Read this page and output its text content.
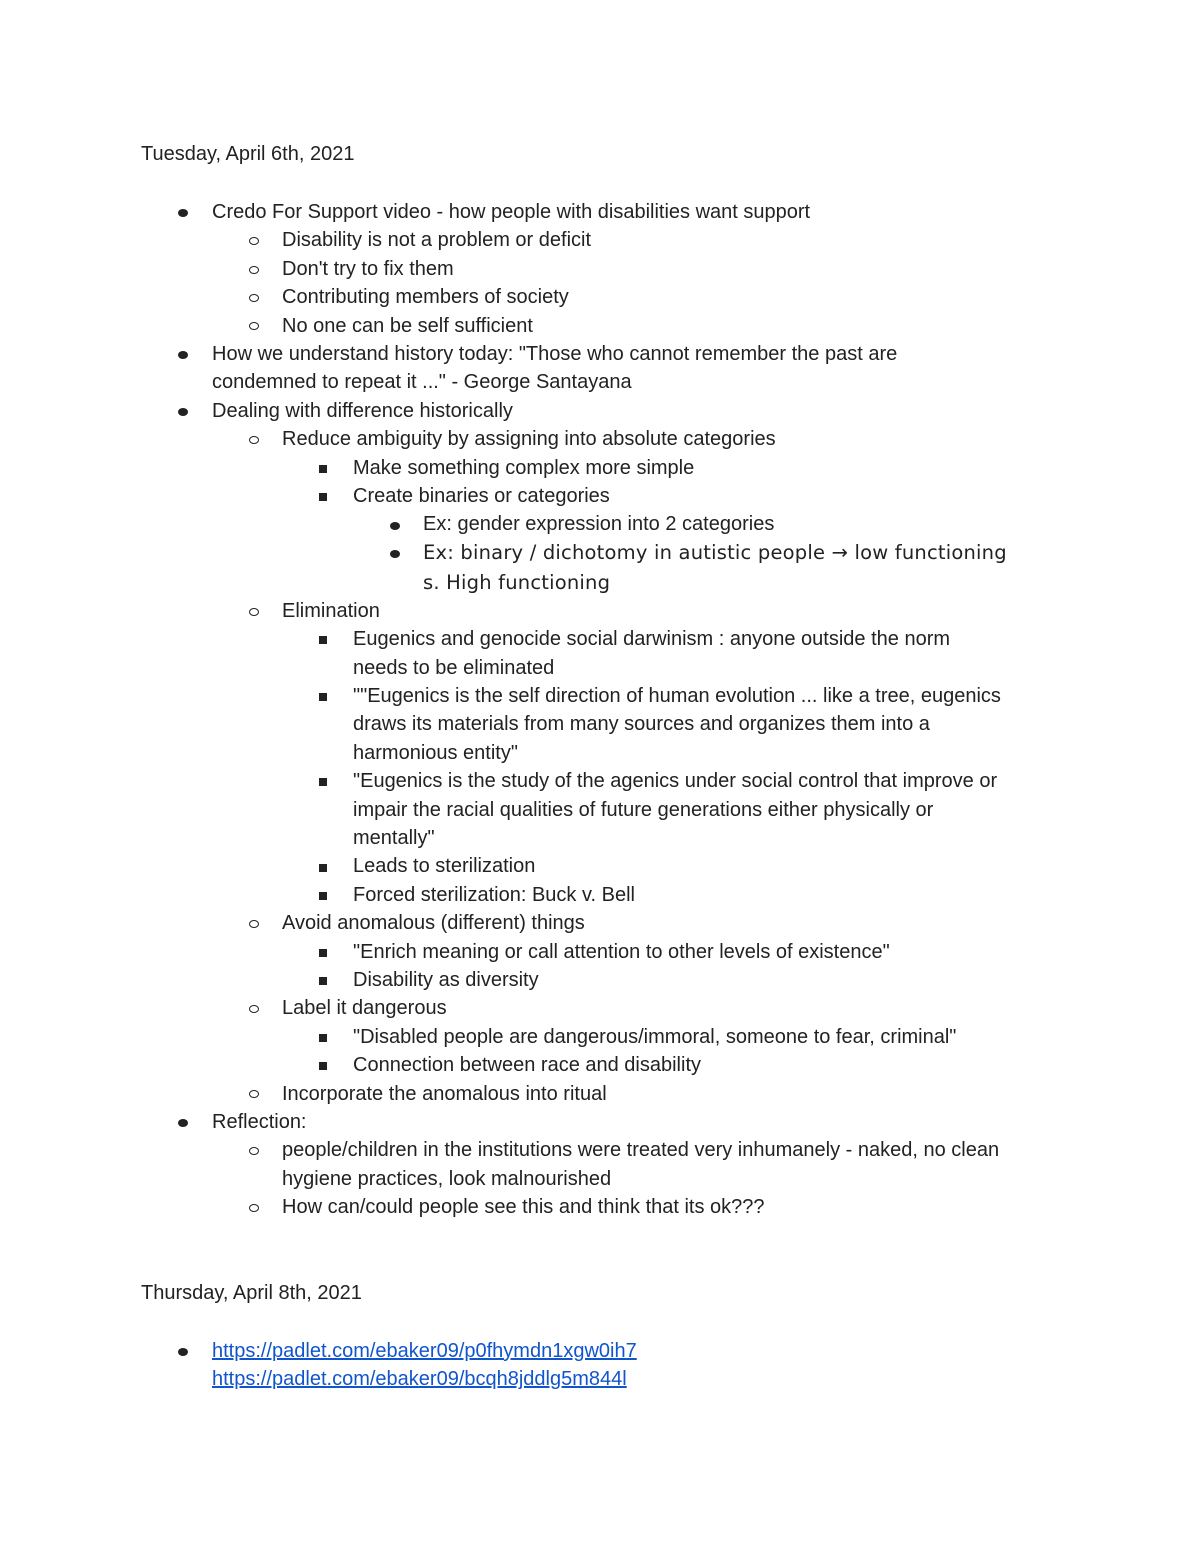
Tuesday, April 6th, 2021
Thursday, April 8th, 2021
Credo For Support video - how people with disabilities want support
Disability is not a problem or deficit
Don't try to fix them
Contributing members of society
No one can be self sufficient
How we understand history today: "Those who cannot remember the past are
condemned to repeat it ..." - George Santayana
Dealing with difference historically
Reduce ambiguity by assigning into absolute categories
Make something complex more simple
Create binaries or categories
Ex: gender expression into 2 categories
Ex: binary / dichotomy in autistic people → low functioning
s. High functioning
Elimination
Eugenics and genocide social darwinism : anyone outside the norm
needs to be eliminated
""Eugenics is the self direction of human evolution ... like a tree, eugenics
draws its materials from many sources and organizes them into a
harmonious entity"
"Eugenics is the study of the agenics under social control that improve or
impair the racial qualities of future generations either physically or
mentally"
Leads to sterilization
Forced sterilization: Buck v. Bell
Avoid anomalous (different) things
"Enrich meaning or call attention to other levels of existence"
Disability as diversity
Label it dangerous
"Disabled people are dangerous/immoral, someone to fear, criminal"
Connection between race and disability
Incorporate the anomalous into ritual
Reflection:
people/children in the institutions were treated very inhumanely - naked, no clean
hygiene practices, look malnourished
How can/could people see this and think that its ok???
https://padlet.com/ebaker09/p0fhymdn1xgw0ih7
https://padlet.com/ebaker09/bcqh8jddlg5m844l
